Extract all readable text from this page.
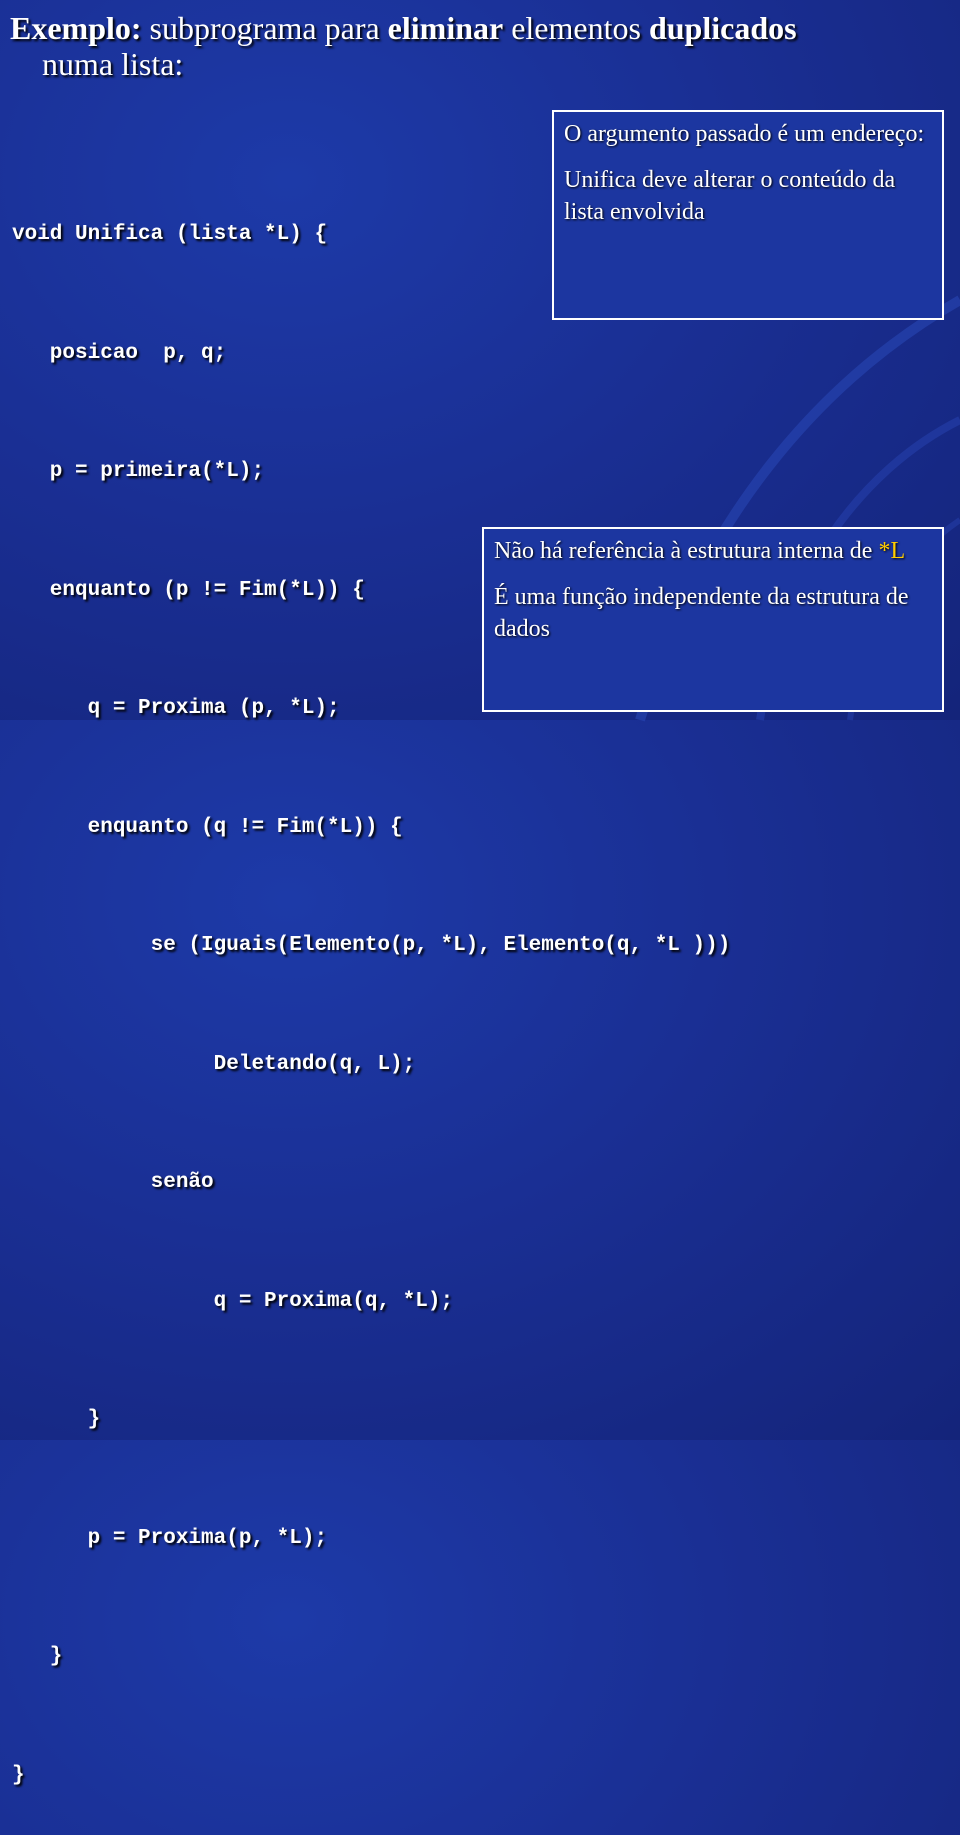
Exemplo: subprograma para eliminar elementos duplicados
numa lista:

void Unifica (lista *L) {

posicao  p, q;

p = primeira(*L);

enquanto (p != Fim(*L)) {

q = Proxima (p, *L);

enquanto (q != Fim(*L)) {

se (Iguais(Elemento(p, *L), Elemento(q, *L )))

Deletando(q, L);

senão

q = Proxima(q, *L);

}

p = Proxima(p, *L);

}

}

O argumento passado é um endereço:

Unifica deve alterar o conteúdo da lista envolvida

Não há referência à estrutura interna de *L

É uma função independente da estrutura de dados
